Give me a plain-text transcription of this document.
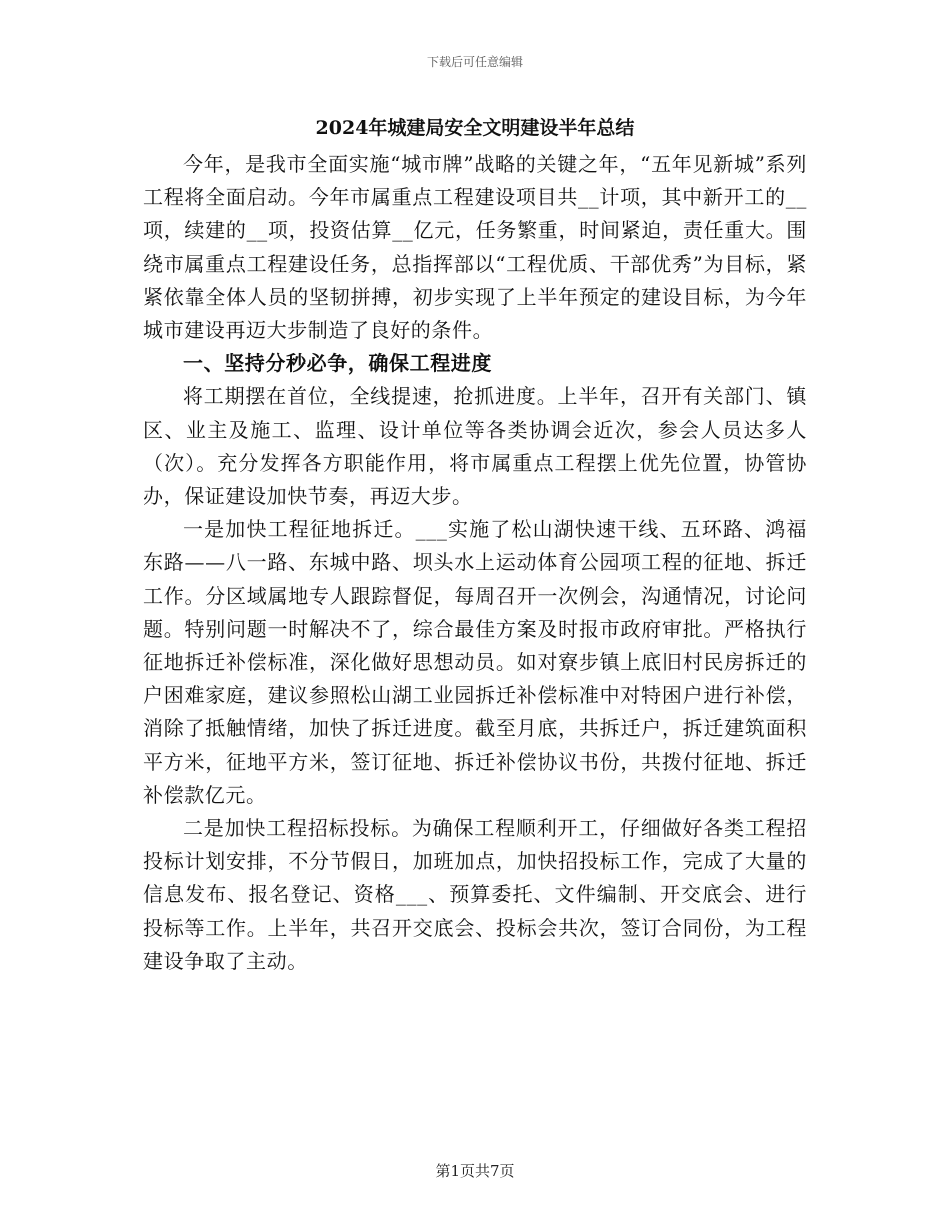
下载后可任意编辑
2024年城建局安全文明建设半年总结

今年，是我市全面实施“城市牌”战略的关键之年，“五年见新城”系列工程将全面启动。今年市属重点工程建设项目共__计项，其中新开工的__项，续建的__项，投资估算__亿元，任务繁重，时间紧迫，责任重大。围绕市属重点工程建设任务，总指挥部以“工程优质、干部优秀”为目标，紧紧依靠全体人员的坚韧拼搏，初步实现了上半年预定的建设目标，为今年城市建设再迈大步制造了良好的条件。

一、坚持分秒必争，确保工程进度

将工期摆在首位，全线提速，抢抓进度。上半年，召开有关部门、镇区、业主及施工、监理、设计单位等各类协调会近次，参会人员达多人（次）。充分发挥各方职能作用，将市属重点工程摆上优先位置，协管协办，保证建设加快节奏，再迈大步。

一是加快工程征地拆迁。___实施了松山湖快速干线、五环路、鸿福东路——八一路、东城中路、坝头水上运动体育公园项工程的征地、拆迁工作。分区域属地专人跟踪督促，每周召开一次例会，沟通情况，讨论问题。特别问题一时解决不了，综合最佳方案及时报市政府审批。严格执行征地拆迁补偿标准，深化做好思想动员。如对寮步镇上底旧村民房拆迁的户困难家庭，建议参照松山湖工业园拆迁补偿标准中对特困户进行补偿，消除了抵触情绪，加快了拆迁进度。截至月底，共拆迁户，拆迁建筑面积平方米，征地平方米，签订征地、拆迁补偿协议书份，共拨付征地、拆迁补偿款亿元。

二是加快工程招标投标。为确保工程顺利开工，仔细做好各类工程招投标计划安排，不分节假日，加班加点，加快招投标工作，完成了大量的信息发布、报名登记、资格___、预算委托、文件编制、开交底会、进行投标等工作。上半年，共召开交底会、投标会共次，签订合同份，为工程建设争取了主动。

第1页共7页
